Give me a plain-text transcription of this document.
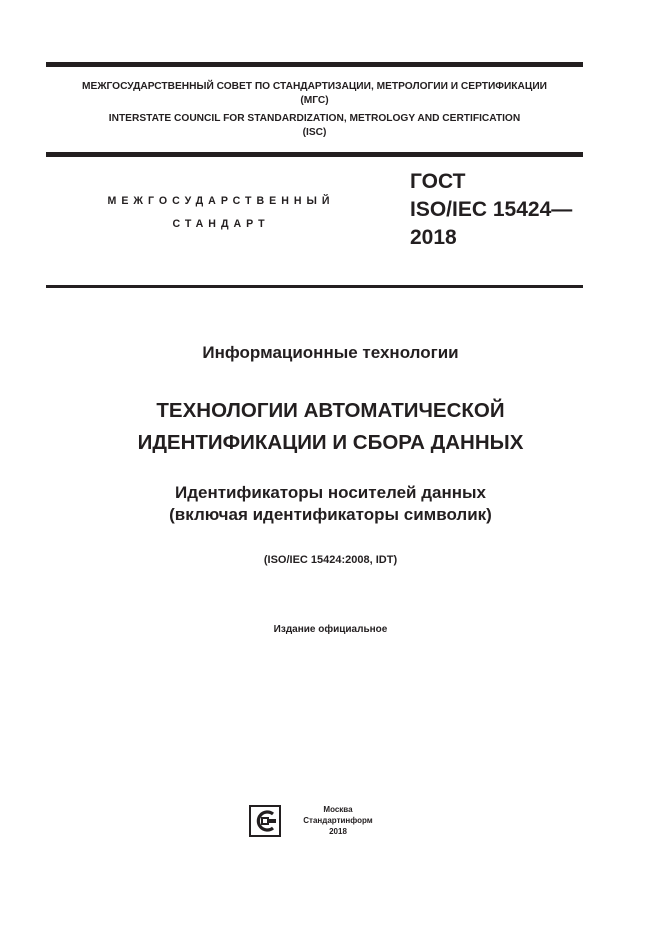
МЕЖГОСУДАРСТВЕННЫЙ СОВЕТ ПО СТАНДАРТИЗАЦИИ, МЕТРОЛОГИИ И СЕРТИФИКАЦИИ
(МГС)
INTERSTATE COUNCIL FOR STANDARDIZATION, METROLOGY AND CERTIFICATION
(ISC)
МЕЖГОСУДАРСТВЕННЫЙ
СТАНДАРТ
ГОСТ
ISO/IEC 15424—
2018
Информационные технологии
ТЕХНОЛОГИИ АВТОМАТИЧЕСКОЙ
ИДЕНТИФИКАЦИИ И СБОРА ДАННЫХ
Идентификаторы носителей данных
(включая идентификаторы символик)
(ISO/IEC 15424:2008, IDT)
Издание официальное
Москва
Стандартинформ
2018
